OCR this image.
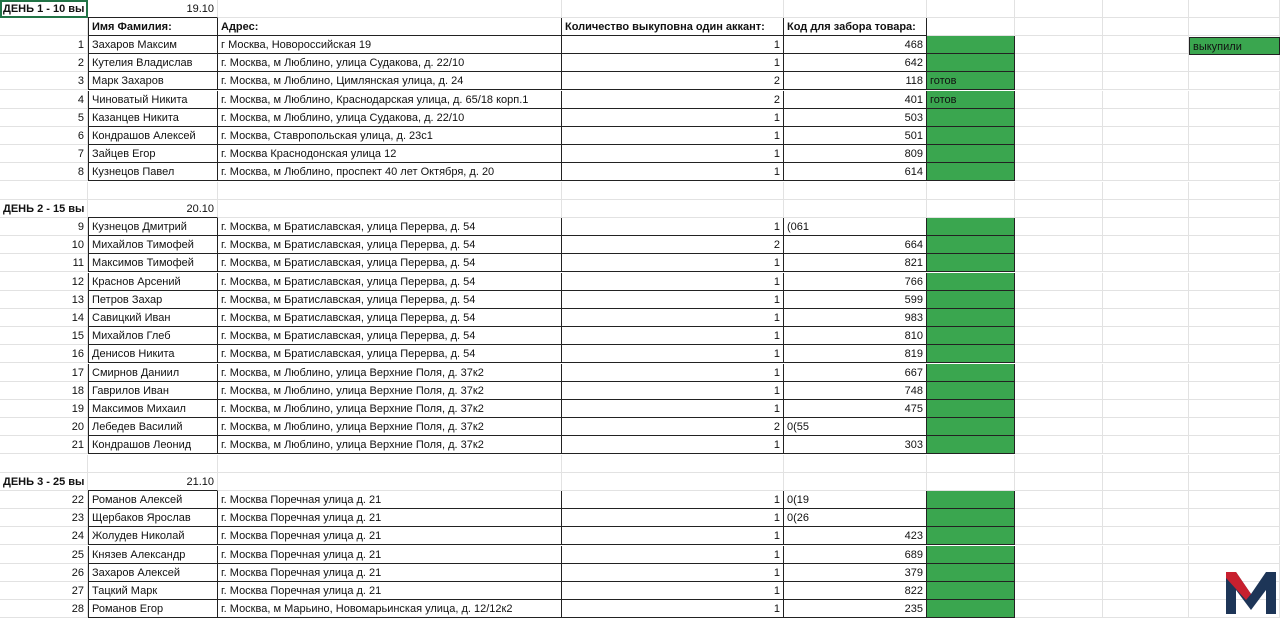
ДЕНЬ 1 - 10 вы	19.10
Имя Фамилия:	Адрес:	Количество выкуповна один аккант:	Код для забора товара:
1 Захаров Максим	г Москва, Новороссийская 19	1	468
2 Кутелия Владислав	г. Москва, м Люблино, улица Судакова, д. 22/10	1	642
3 Марк Захаров	г. Москва, м Люблино, Цимлянская улица, д. 24	2	118 готов
4 Чиноватый Никита	г. Москва, м Люблино, Краснодарская улица, д. 65/18 корп.1	2	401 готов
5 Казанцев Никита	г. Москва, м Люблино, улица Судакова, д. 22/10	1	503
6 Кондрашов Алексей	г. Москва, Ставропольская улица, д. 23с1	1	501
7 Зайцев Егор	г. Москва Краснодонская улица 12	1	809
8 Кузнецов Павел	г. Москва, м Люблино, проспект 40 лет Октября, д. 20	1	614
ДЕНЬ 2 - 15 вы	20.10
9 Кузнецов Дмитрий	г. Москва, м Братиславская, улица Перерва, д. 54	1 (061
10 Михайлов Тимофей	г. Москва, м Братиславская, улица Перерва, д. 54	2	664
11 Максимов Тимофей	г. Москва, м Братиславская, улица Перерва, д. 54	1	821
12 Краснов Арсений	г. Москва, м Братиславская, улица Перерва, д. 54	1	766
13 Петров Захар	г. Москва, м Братиславская, улица Перерва, д. 54	1	599
14 Савицкий Иван	г. Москва, м Братиславская, улица Перерва, д. 54	1	983
15 Михайлов Глеб	г. Москва, м Братиславская, улица Перерва, д. 54	1	810
16 Денисов Никита	г. Москва, м Братиславская, улица Перерва, д. 54	1	819
17 Смирнов Даниил	г. Москва, м Люблино, улица Верхние Поля, д. 37к2	1	667
18 Гаврилов Иван	г. Москва, м Люблино, улица Верхние Поля, д. 37к2	1	748
19 Максимов Михаил	г. Москва, м Люблино, улица Верхние Поля, д. 37к2	1	475
20 Лебедев Василий	г. Москва, м Люблино, улица Верхние Поля, д. 37к2	2 0(55
21 Кондрашов Леонид	г. Москва, м Люблино, улица Верхние Поля, д. 37к2	1	303
ДЕНЬ 3 - 25 вы	21.10
22 Романов Алексей	г. Москва Поречная улица д. 21	1 0(19
23 Щербаков Ярослав	г. Москва Поречная улица д. 21	1 0(26
24 Жолудев Николай	г. Москва Поречная улица д. 21	1	423
25 Князев Александр	г. Москва Поречная улица д. 21	1	689
26 Захаров Алексей	г. Москва Поречная улица д. 21	1	379
27 Тацкий Марк	г. Москва Поречная улица д. 21	1	822
28 Романов Егор	г. Москва, м Марьино, Новомарьинская улица, д. 12/12к2	1	235
выкупили
